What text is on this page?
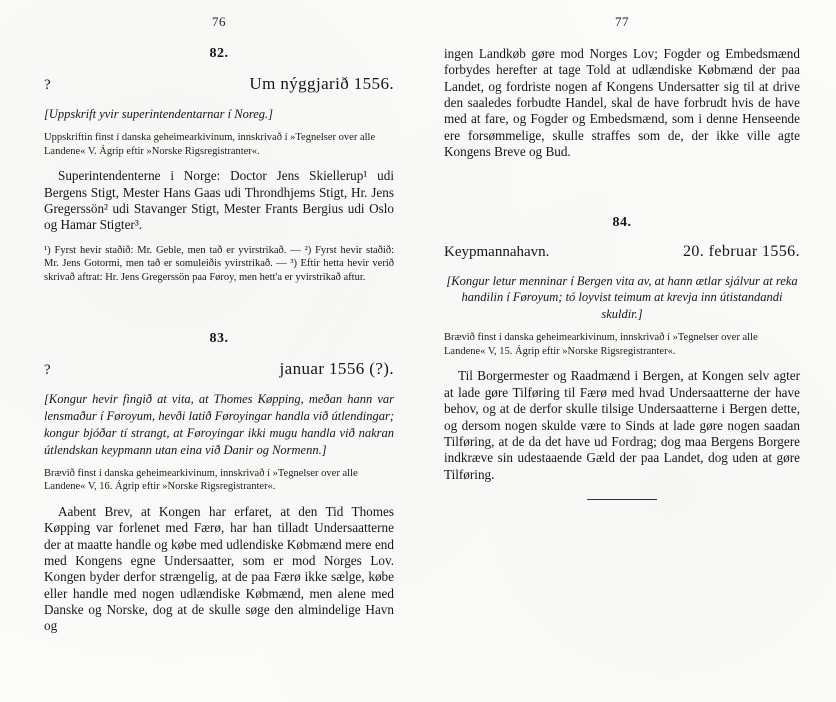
76
82.
?	Um nýggjarið 1556.
[Uppskrift yvir superintendentarnar í Noreg.]
Uppskriftin finst í danska geheimearkivinum, innskrivað í »Tegnelser over alle Landene« V. Ágrip eftir »Norske Rigsregistranter«.

Superintendenterne i Norge: Doctor Jens Skiellerup¹ udi Bergens Stigt, Mester Hans Gaas udi Throndhjems Stigt, Hr. Jens Gregerssön² udi Stavanger Stigt, Mester Frants Bergius udi Oslo og Hamar Stigter³.

¹) Fyrst hevir staðið: Mr. Geble, men tað er yvirstrikað. — ²) Fyrst hevir staðið: Mr. Jens Gotormi, men tað er somuleiðis yvirstrikað. — ³) Eftir hetta hevir verið skrivað aftrat: Hr. Jens Gregerssön paa Føroy, men hett'a er yvirstrikað aftur.
83.
?	januar 1556 (?).
[Kongur hevir fingið at vita, at Thomes Køpping, meðan hann var lensmaður í Føroyum, hevði latið Føroyingar handla við útlendingar; kongur bjóðar tí strangt, at Føroyingar ikki mugu handla við nakran útlendskan keypmann utan eina við Danir og Normenn.]
Brævið finst í danska geheimearkivinum, innskrivað í »Tegnelser over alle Landene« V, 16. Ágrip eftir »Norske Rigsregistranter«.

Aabent Brev, at Kongen har erfaret, at den Tid Thomes Køpping var forlenet med Færø, har han tilladt Undersaatterne der at maatte handle og købe med udlendiske Købmænd mere end med Kongens egne Undersaatter, som er mod Norges Lov. Kongen byder derfor strængelig, at de paa Færø ikke sælge, købe eller handle med nogen udlændiske Købmænd, men alene med Danske og Norske, dog at de skulle søge den almindelige Havn og

77

ingen Landkøb gøre mod Norges Lov; Fogder og Embedsmænd forbydes herefter at tage Told at udlændiske Købmænd der paa Landet, og fordriste nogen af Kongens Undersatter sig til at drive den saaledes forbudte Handel, skal de have forbrudt hvis de have med at fare, og Fogder og Embedsmænd, som i denne Henseende ere forsømmelige, skulle straffes som de, der ikke ville agte Kongens Breve og Bud.

84.
Keypmannahavn.	20. februar 1556.
[Kongur letur menninar í Bergen vita av, at hann ætlar sjálvur at reka handilin í Føroyum; tó loyvist teimum at krevja inn útistandandi skuldir.]
Brævið finst í danska geheimearkivinum, innskrivað í »Tegnelser over alle Landene« V, 15. Ágrip eftir »Norske Rigsregistranter«.

Til Borgermester og Raadmænd i Bergen, at Kongen selv agter at lade gøre Tilføring til Færø med hvad Undersaatterne der have behov, og at de derfor skulle tilsige Undersaatterne i Bergen dette, og dersom nogen skulde være to Sinds at lade gøre nogen saadan Tilføring, at de da det have ud Fordrag; dog maa Bergens Borgere indkræve sin udestaaende Gæld der paa Landet, dog uden at gøre Tilføring.
